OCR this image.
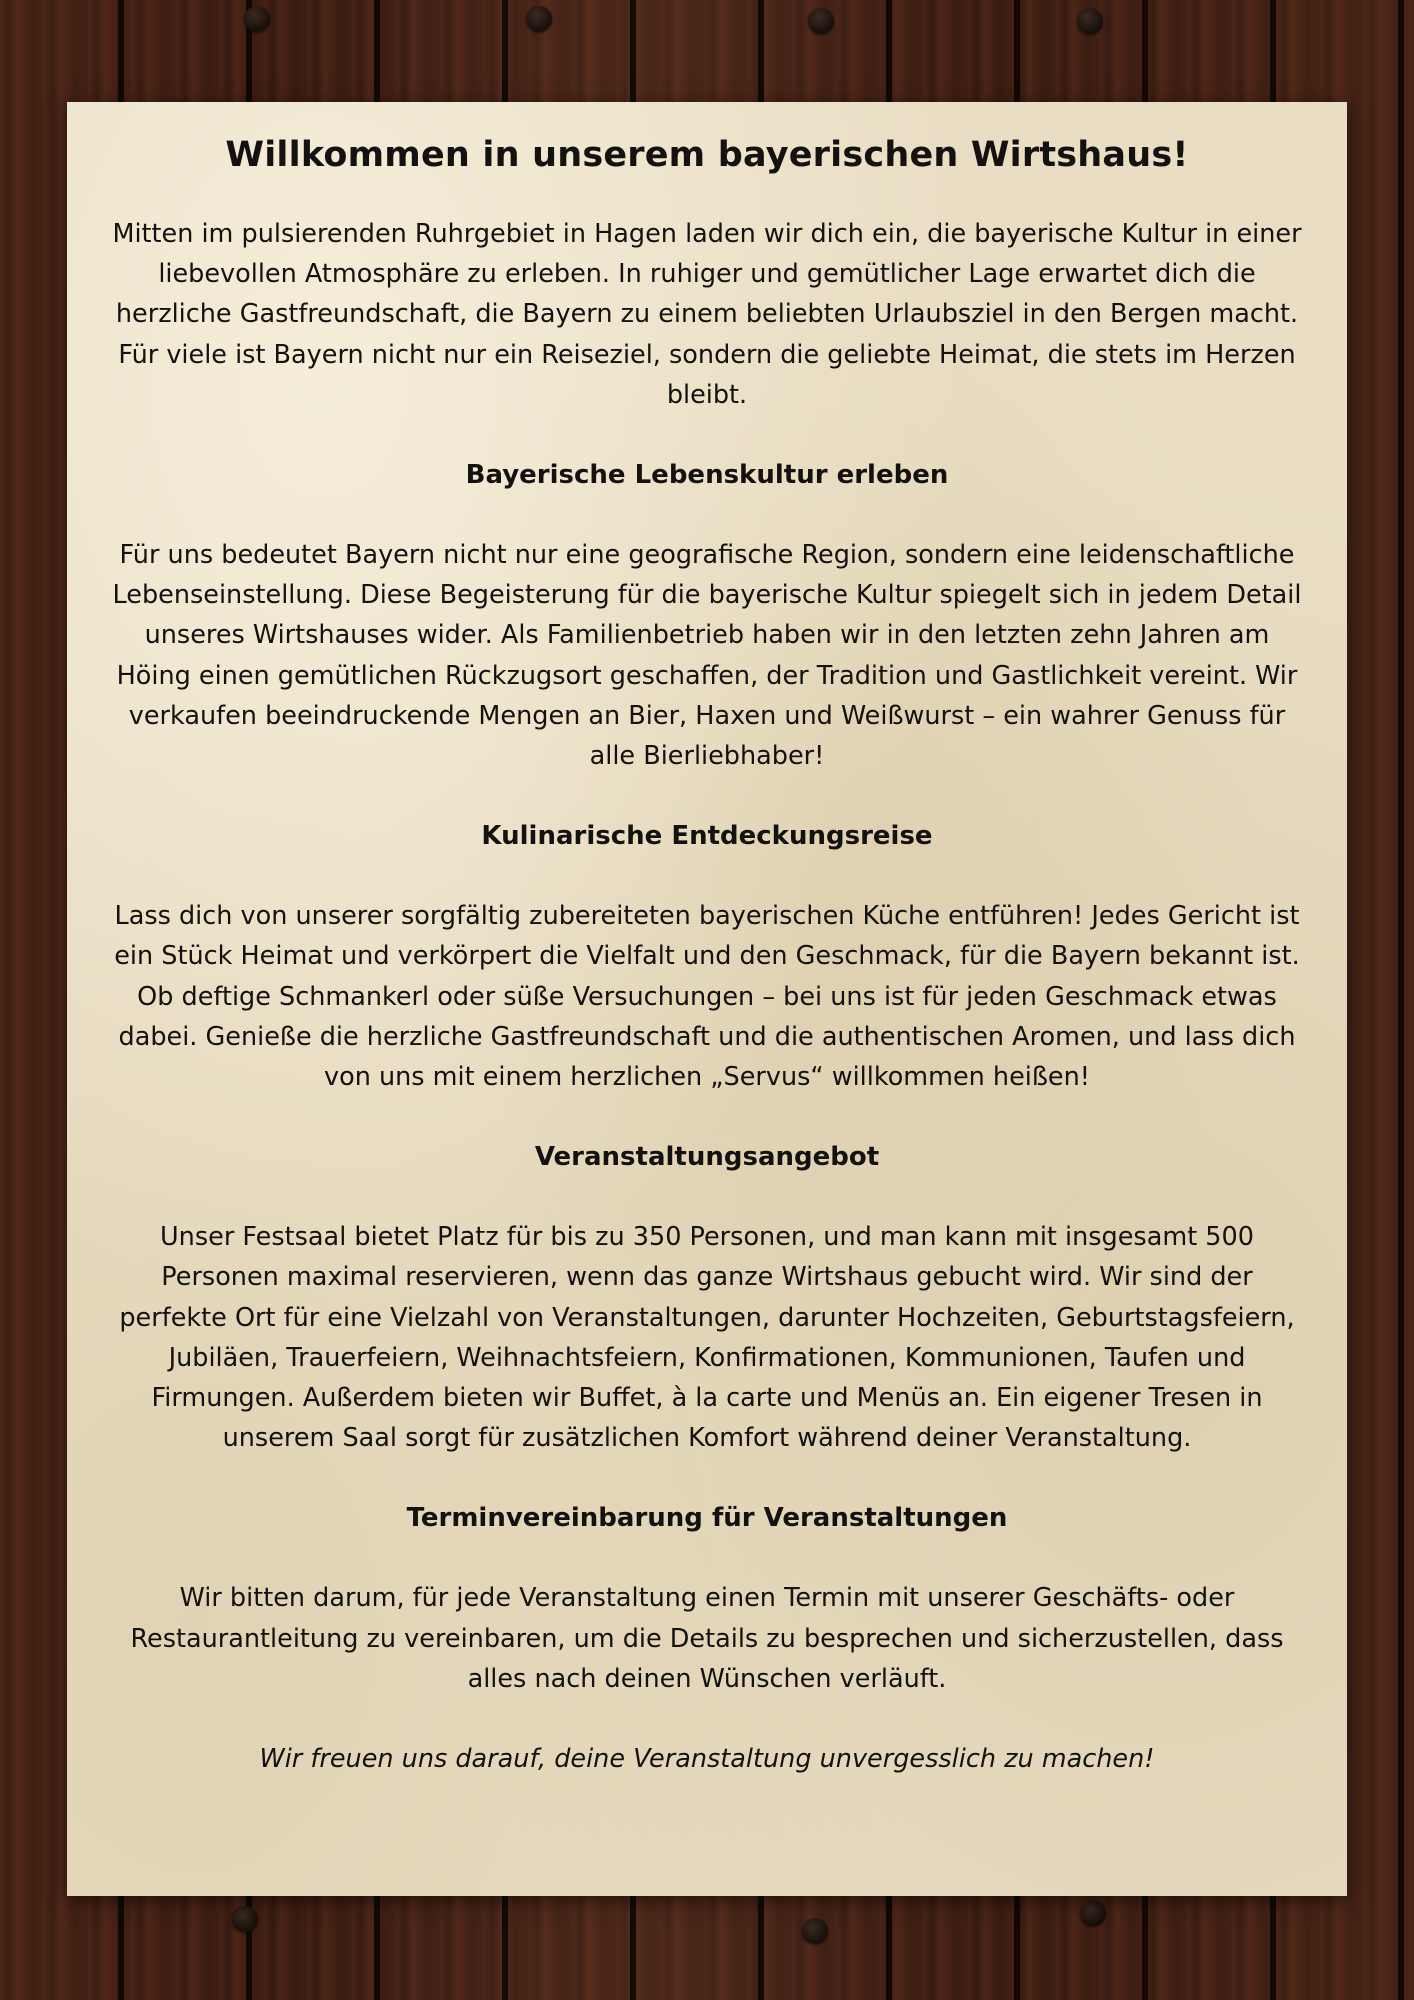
Willkommen in unserem bayerischen Wirtshaus!

Mitten im pulsierenden Ruhrgebiet in Hagen laden wir dich ein, die bayerische Kultur in einer liebevollen Atmosphäre zu erleben. In ruhiger und gemütlicher Lage erwartet dich die herzliche Gastfreundschaft, die Bayern zu einem beliebten Urlaubsziel in den Bergen macht. Für viele ist Bayern nicht nur ein Reiseziel, sondern die geliebte Heimat, die stets im Herzen bleibt.

Bayerische Lebenskultur erleben

Für uns bedeutet Bayern nicht nur eine geografische Region, sondern eine leidenschaftliche Lebenseinstellung. Diese Begeisterung für die bayerische Kultur spiegelt sich in jedem Detail unseres Wirtshauses wider. Als Familienbetrieb haben wir in den letzten zehn Jahren am Höing einen gemütlichen Rückzugsort geschaffen, der Tradition und Gastlichkeit vereint. Wir verkaufen beeindruckende Mengen an Bier, Haxen und Weißwurst – ein wahrer Genuss für alle Bierliebhaber!

Kulinarische Entdeckungsreise

Lass dich von unserer sorgfältig zubereiteten bayerischen Küche entführen! Jedes Gericht ist ein Stück Heimat und verkörpert die Vielfalt und den Geschmack, für die Bayern bekannt ist. Ob deftige Schmankerl oder süße Versuchungen – bei uns ist für jeden Geschmack etwas dabei. Genieße die herzliche Gastfreundschaft und die authentischen Aromen, und lass dich von uns mit einem herzlichen „Servus“ willkommen heißen!

Veranstaltungsangebot

Unser Festsaal bietet Platz für bis zu 350 Personen, und man kann mit insgesamt 500 Personen maximal reservieren, wenn das ganze Wirtshaus gebucht wird. Wir sind der perfekte Ort für eine Vielzahl von Veranstaltungen, darunter Hochzeiten, Geburtstagsfeiern, Jubiläen, Trauerfeiern, Weihnachtsfeiern, Konfirmationen, Kommunionen, Taufen und Firmungen. Außerdem bieten wir Buffet, à la carte und Menüs an. Ein eigener Tresen in unserem Saal sorgt für zusätzlichen Komfort während deiner Veranstaltung.

Terminvereinbarung für Veranstaltungen

Wir bitten darum, für jede Veranstaltung einen Termin mit unserer Geschäfts- oder Restaurantleitung zu vereinbaren, um die Details zu besprechen und sicherzustellen, dass alles nach deinen Wünschen verläuft.

Wir freuen uns darauf, deine Veranstaltung unvergesslich zu machen!
